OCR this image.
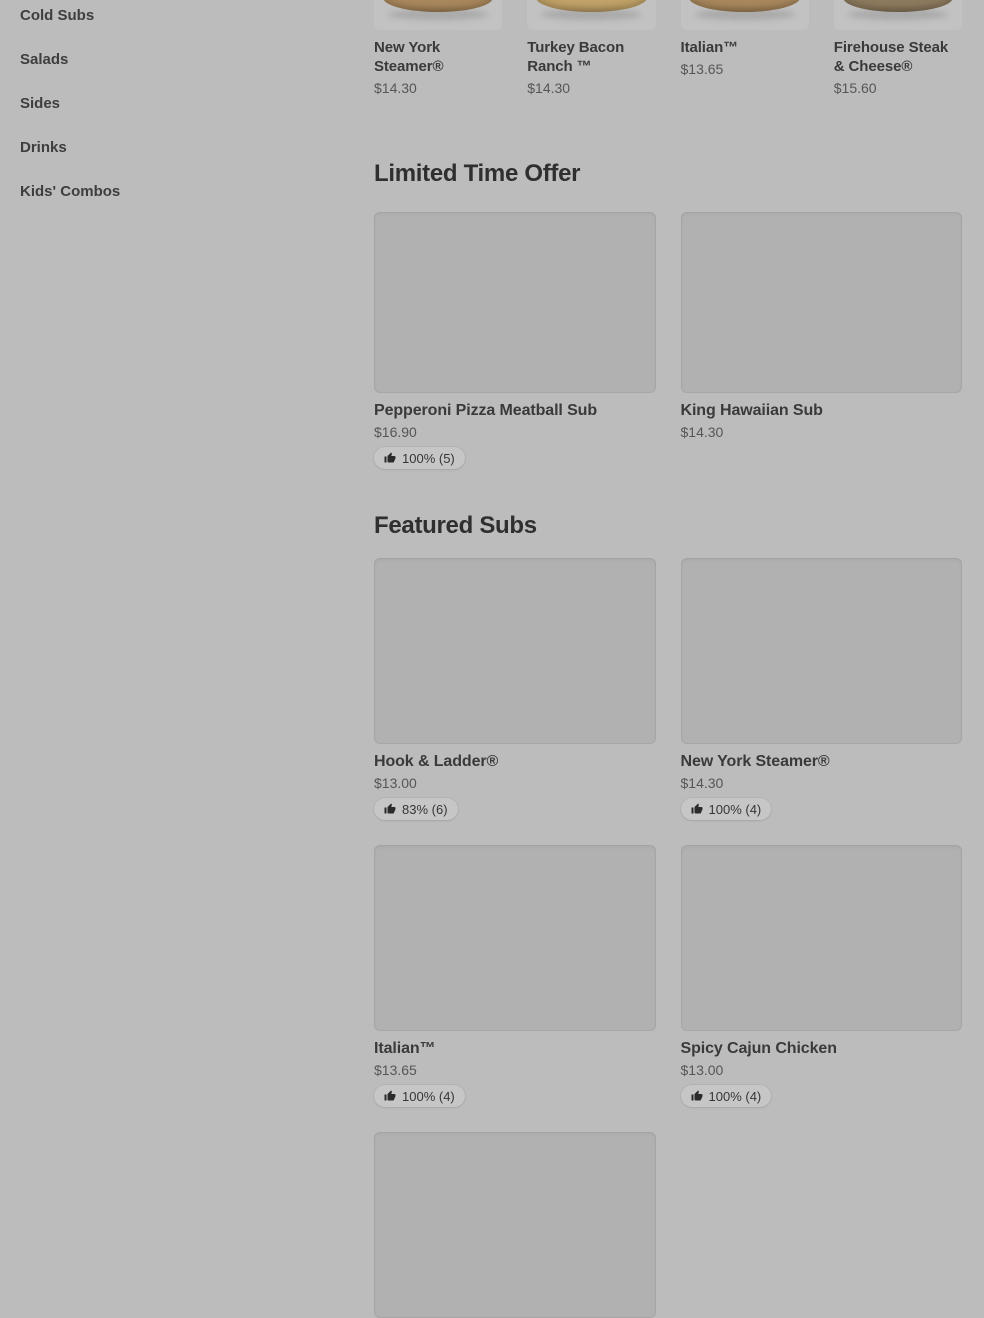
Cold Subs
Salads
Sides
Drinks
Kids' Combos
New York Steamer®
$14.30
Turkey Bacon Ranch ™
$14.30
Italian™
$13.65
Firehouse Steak & Cheese®
$15.60
Limited Time Offer
Pepperoni Pizza Meatball Sub
$16.90
100% (5)
King Hawaiian Sub
$14.30
Featured Subs
Hook & Ladder®
$13.00
83% (6)
New York Steamer®
$14.30
100% (4)
Italian™
$13.65
100% (4)
Spicy Cajun Chicken
$13.00
100% (4)
